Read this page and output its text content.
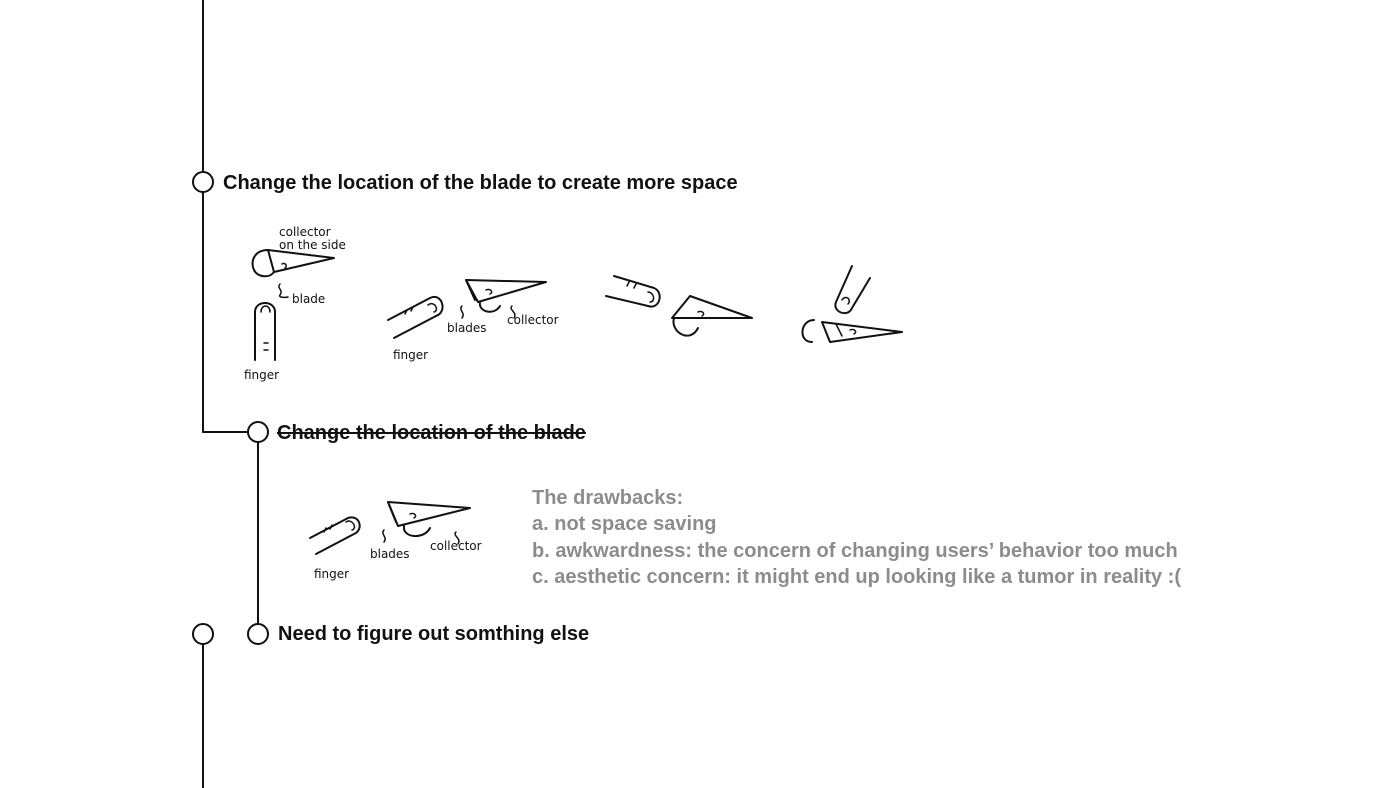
collector
on the side
blade
finger
blades
collector
finger
blades
collector
finger
Change the location of the blade to create more space
Change the location of the blade
Need to figure out somthing else
The drawbacks:
a. not space saving
b. awkwardness: the concern of changing users’ behavior too much
c. aesthetic concern: it might end up looking like a tumor in reality :(
